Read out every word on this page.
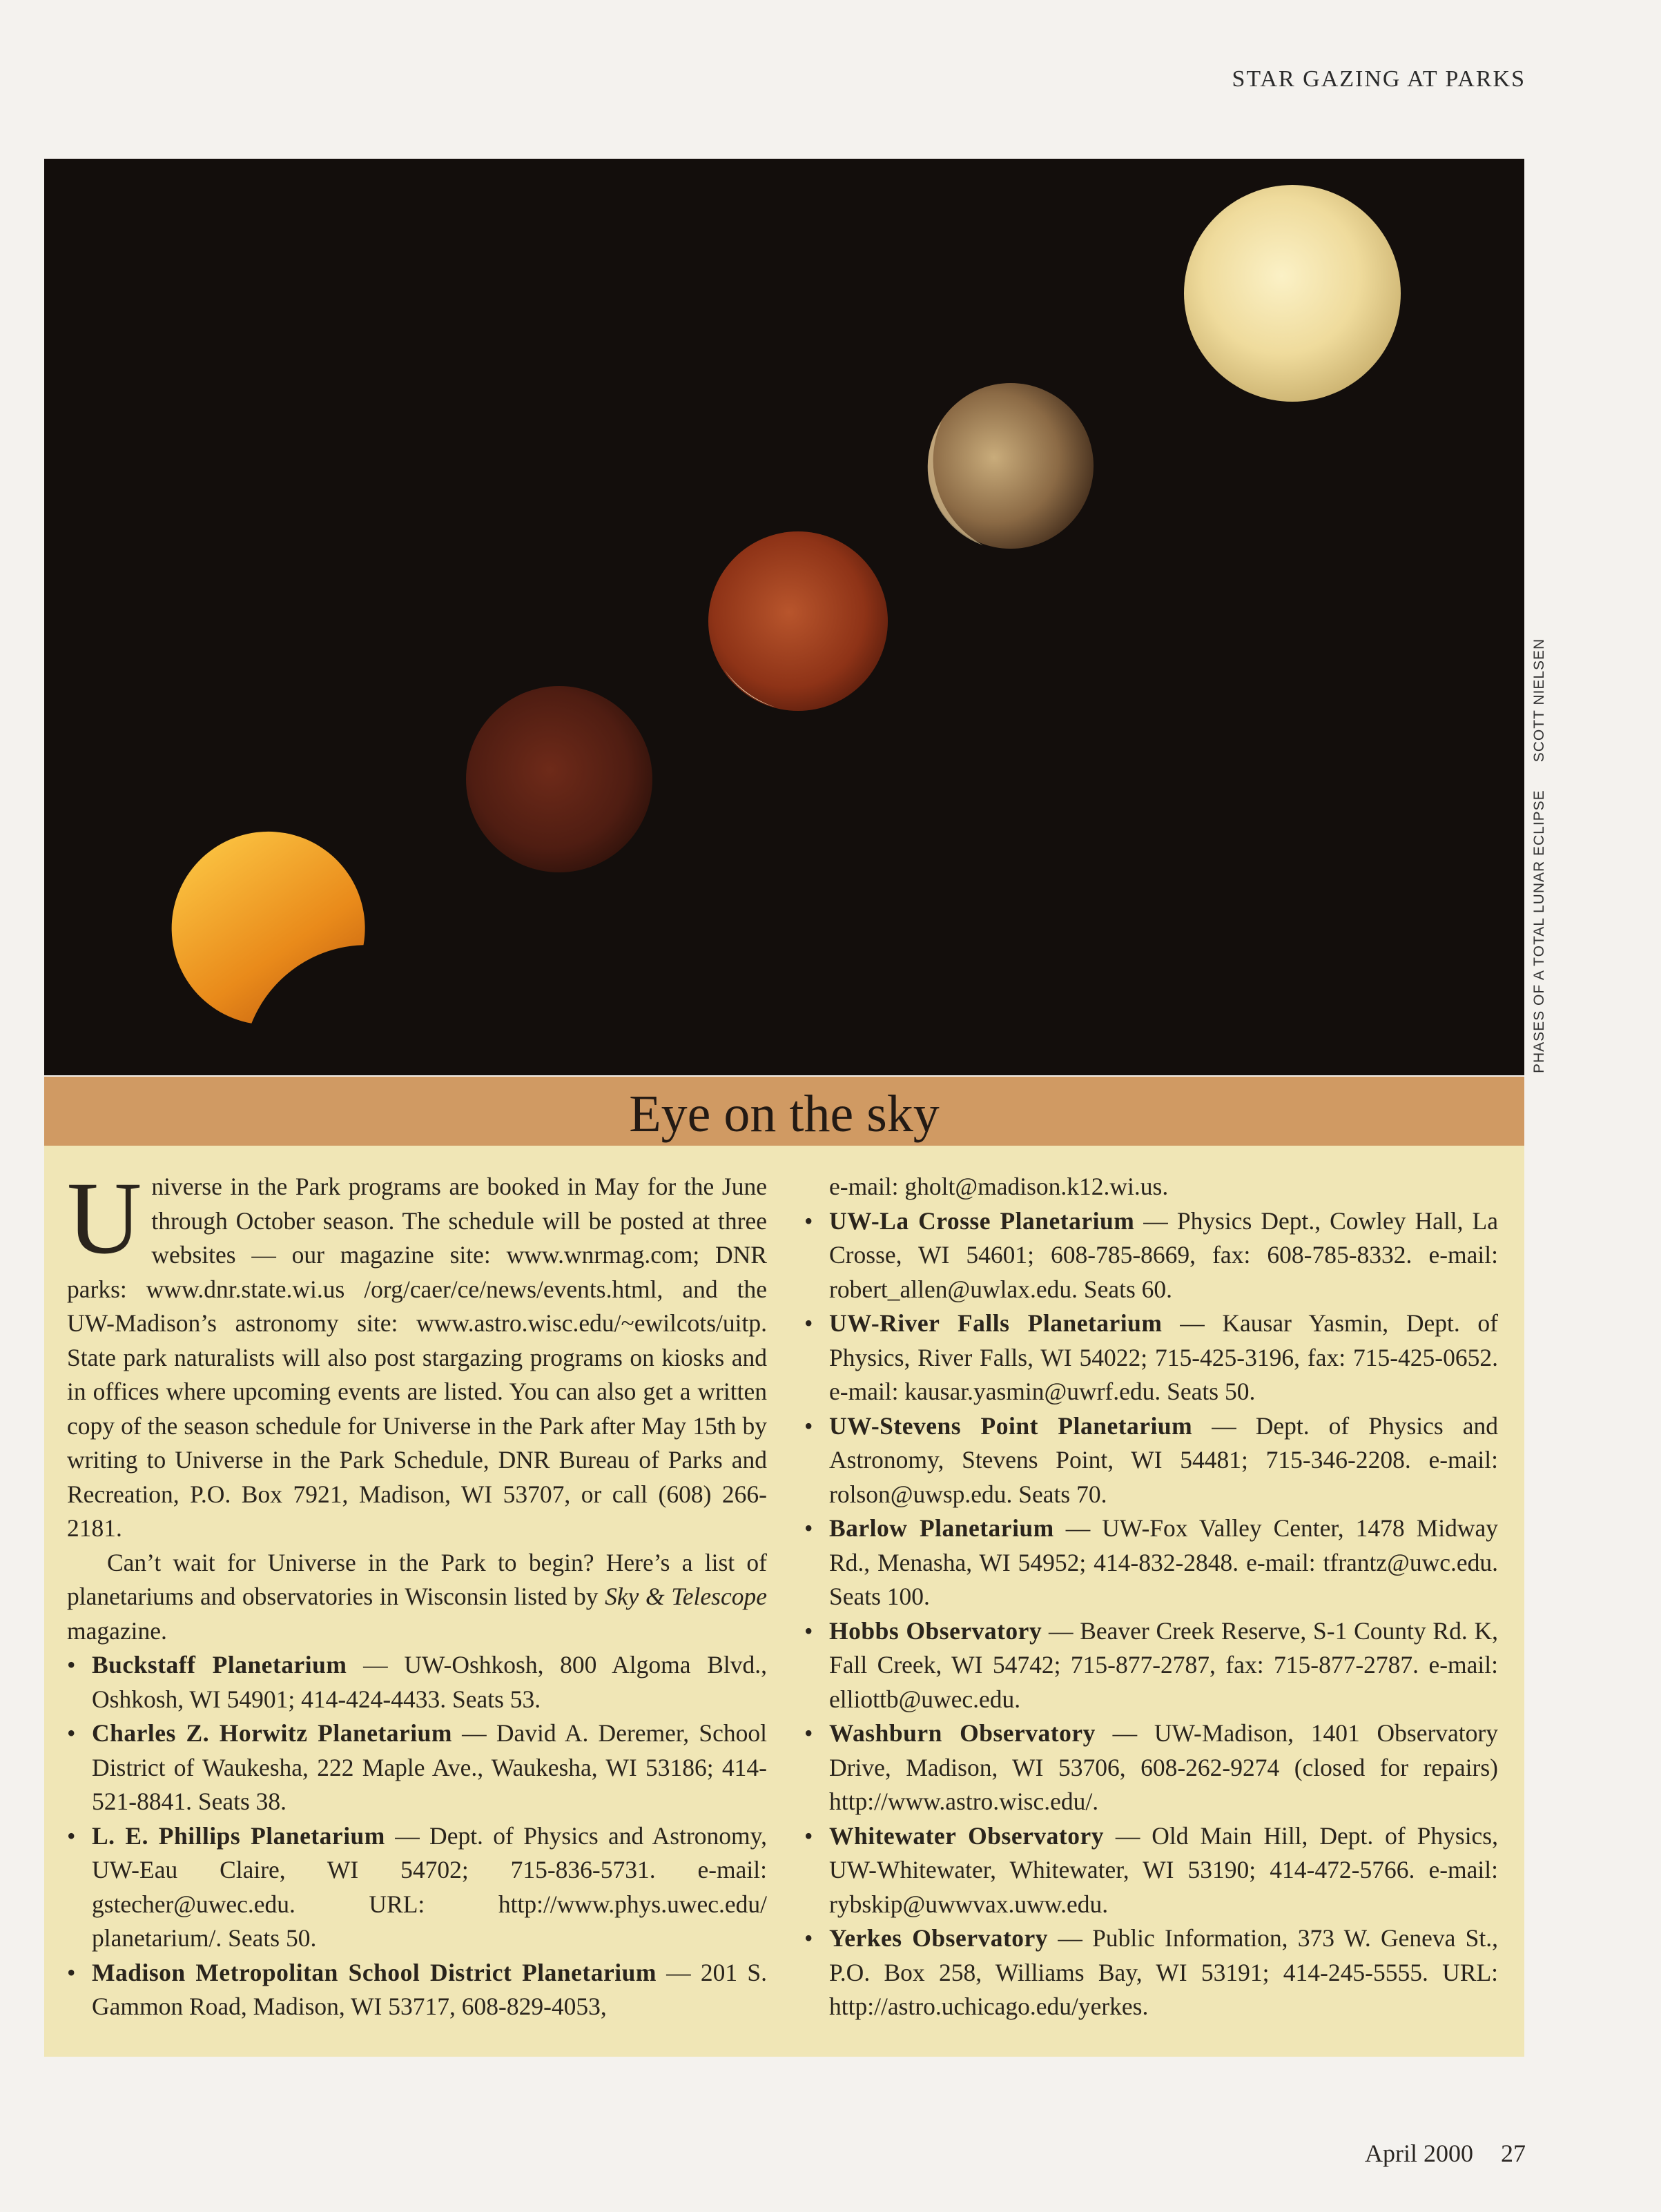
STAR GAZING AT PARKS
PHASES OF A TOTAL LUNAR ECLIPSESCOTT NIELSEN
Eye on the sky

Universe in the Park programs are booked in May for the June through October season. The schedule will be posted at three websites — our magazine site: www.wnrmag.com; DNR parks: www.dnr.state.wi.us /org/caer/ce/news/events.html, and the UW-Madison’s astronomy site: www.astro.wisc.edu/~ewilcots/uitp. State park naturalists will also post stargazing programs on kiosks and in offices where upcoming events are listed. You can also get a written copy of the season schedule for Universe in the Park after May 15th by writing to Universe in the Park Schedule, DNR Bureau of Parks and Recreation, P.O. Box 7921, Madison, WI 53707, or call (608) 266-2181.

Can’t wait for Universe in the Park to begin? Here’s a list of planetariums and observatories in Wisconsin listed by Sky & Telescope magazine.

• Buckstaff Planetarium — UW-Oshkosh, 800 Algoma Blvd., Oshkosh, WI 54901; 414-424-4433. Seats 53.

• Charles Z. Horwitz Planetarium — David A. Deremer, School District of Waukesha, 222 Maple Ave., Waukesha, WI 53186; 414-521-8841. Seats 38.

• L. E. Phillips Planetarium — Dept. of Physics and Astronomy, UW-Eau Claire, WI 54702; 715-836-5731. e-mail: gstecher@uwec.edu. URL: http://www.phys.uwec.edu/ planetarium/. Seats 50.

• Madison Metropolitan School District Planetarium — 201 S. Gammon Road, Madison, WI 53717, 608-829-4053,

e-mail: gholt@madison.k12.wi.us.

• UW-La Crosse Planetarium — Physics Dept., Cowley Hall, La Crosse, WI 54601; 608-785-8669, fax: 608-785-8332. e-mail: robert_allen@uwlax.edu. Seats 60.

• UW-River Falls Planetarium — Kausar Yasmin, Dept. of Physics, River Falls, WI 54022; 715-425-3196, fax: 715-425-0652. e-mail: kausar.yasmin@uwrf.edu. Seats 50.

• UW-Stevens Point Planetarium — Dept. of Physics and Astronomy, Stevens Point, WI 54481; 715-346-2208. e-mail: rolson@uwsp.edu. Seats 70.

• Barlow Planetarium — UW-Fox Valley Center, 1478 Midway Rd., Menasha, WI 54952; 414-832-2848. e-mail: tfrantz@uwc.edu. Seats 100.

• Hobbs Observatory — Beaver Creek Reserve, S-1 County Rd. K, Fall Creek, WI 54742; 715-877-2787, fax: 715-877-2787. e-mail: elliottb@uwec.edu.

• Washburn Observatory — UW-Madison, 1401 Observatory Drive, Madison, WI 53706, 608-262-9274 (closed for repairs) http://www.astro.wisc.edu/.

• Whitewater Observatory — Old Main Hill, Dept. of Physics, UW-Whitewater, Whitewater, WI 53190; 414-472-5766. e-mail: rybskip@uwwvax.uww.edu.

• Yerkes Observatory — Public Information, 373 W. Geneva St., P.O. Box 258, Williams Bay, WI 53191; 414-245-5555. URL: http://astro.uchicago.edu/yerkes.

April 2000 27
